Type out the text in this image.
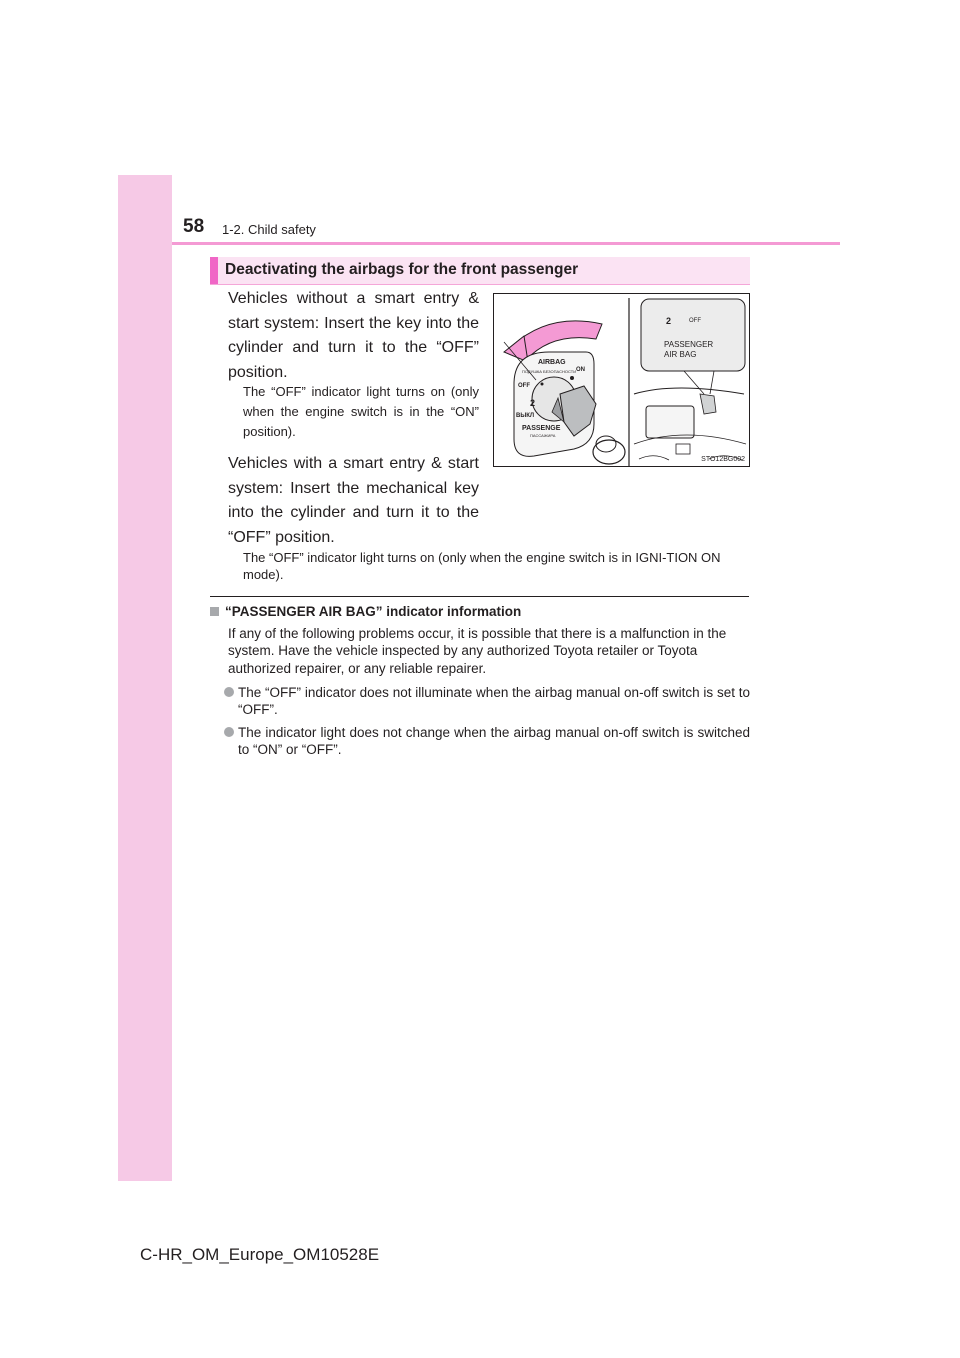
58 1-2. Child safety
Deactivating the airbags for the front passenger
Vehicles without a smart entry & start system: Insert the key into the cylinder and turn it to the “OFF” position.
The “OFF” indicator light turns on (only when the engine switch is in the “ON” position).
Vehicles with a smart entry & start system: Insert the mechanical key into the cylinder and turn it to the “OFF” position.
The “OFF” indicator light turns on (only when the engine switch is in IGNI-TION ON mode).
AIRBAG
ПОДУШКА БЕЗОПАСНОСТИ
OFF
ON
2
ВЫКЛ
PASSENGE
ПАССАЖИРА
2	OFF
PASSENGER
AIR BAG
STO12BG002
“PASSENGER AIR BAG” indicator information
If any of the following problems occur, it is possible that there is a malfunction in the system. Have the vehicle inspected by any authorized Toyota retailer or Toyota authorized repairer, or any reliable repairer.
The “OFF” indicator does not illuminate when the airbag manual on-off switch is set to “OFF”.
The indicator light does not change when the airbag manual on-off switch is switched to “ON” or “OFF”.
C-HR_OM_Europe_OM10528E
